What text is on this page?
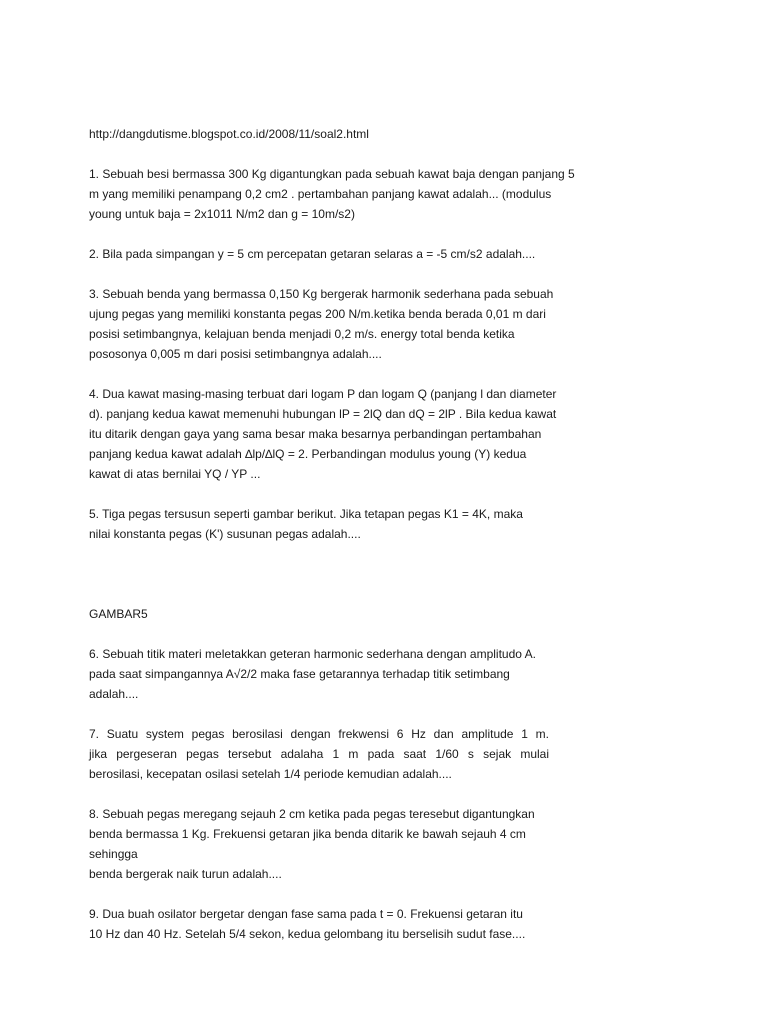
http://dangdutisme.blogspot.co.id/2008/11/soal2.html
1. Sebuah besi bermassa 300 Kg digantungkan pada sebuah kawat baja dengan panjang 5
m yang memiliki penampang 0,2 cm2 . pertambahan panjang kawat adalah... (modulus
young untuk baja = 2x1011 N/m2 dan g = 10m/s2)
2. Bila pada simpangan y = 5 cm percepatan getaran selaras a = -5 cm/s2 adalah....
3. Sebuah benda yang bermassa 0,150 Kg bergerak harmonik sederhana pada sebuah
ujung pegas yang memiliki konstanta pegas 200 N/m.ketika benda berada 0,01 m dari
posisi setimbangnya, kelajuan benda menjadi 0,2 m/s. energy total benda ketika
pososonya 0,005 m dari posisi setimbangnya adalah....
4. Dua kawat masing-masing terbuat dari logam P dan logam Q (panjang l dan diameter
d). panjang kedua kawat memenuhi hubungan lP = 2lQ dan dQ = 2lP . Bila kedua kawat
itu ditarik dengan gaya yang sama besar maka besarnya perbandingan pertambahan
panjang kedua kawat adalah ∆lp/∆lQ = 2. Perbandingan modulus young (Y) kedua
kawat di atas bernilai YQ / YP ...
5. Tiga pegas tersusun seperti gambar berikut. Jika tetapan pegas K1 = 4K, maka
nilai konstanta pegas (K') susunan pegas adalah....
GAMBAR5
6. Sebuah titik materi meletakkan geteran harmonic sederhana dengan amplitudo A.
pada saat simpangannya A√2/2 maka fase getarannya terhadap titik setimbang
adalah....
7. Suatu system pegas berosilasi dengan frekwensi 6 Hz dan amplitude 1 m.
jika pergeseran pegas tersebut adalaha 1 m pada saat 1/60 s sejak mulai
berosilasi, kecepatan osilasi setelah 1/4 periode kemudian adalah....
8. Sebuah pegas meregang sejauh 2 cm ketika pada pegas teresebut digantungkan
benda bermassa 1 Kg. Frekuensi getaran jika benda ditarik ke bawah sejauh 4 cm
sehingga
benda bergerak naik turun adalah....
9. Dua buah osilator bergetar dengan fase sama pada t = 0. Frekuensi getaran itu
10 Hz dan 40 Hz. Setelah 5/4 sekon, kedua gelombang itu berselisih sudut fase....
